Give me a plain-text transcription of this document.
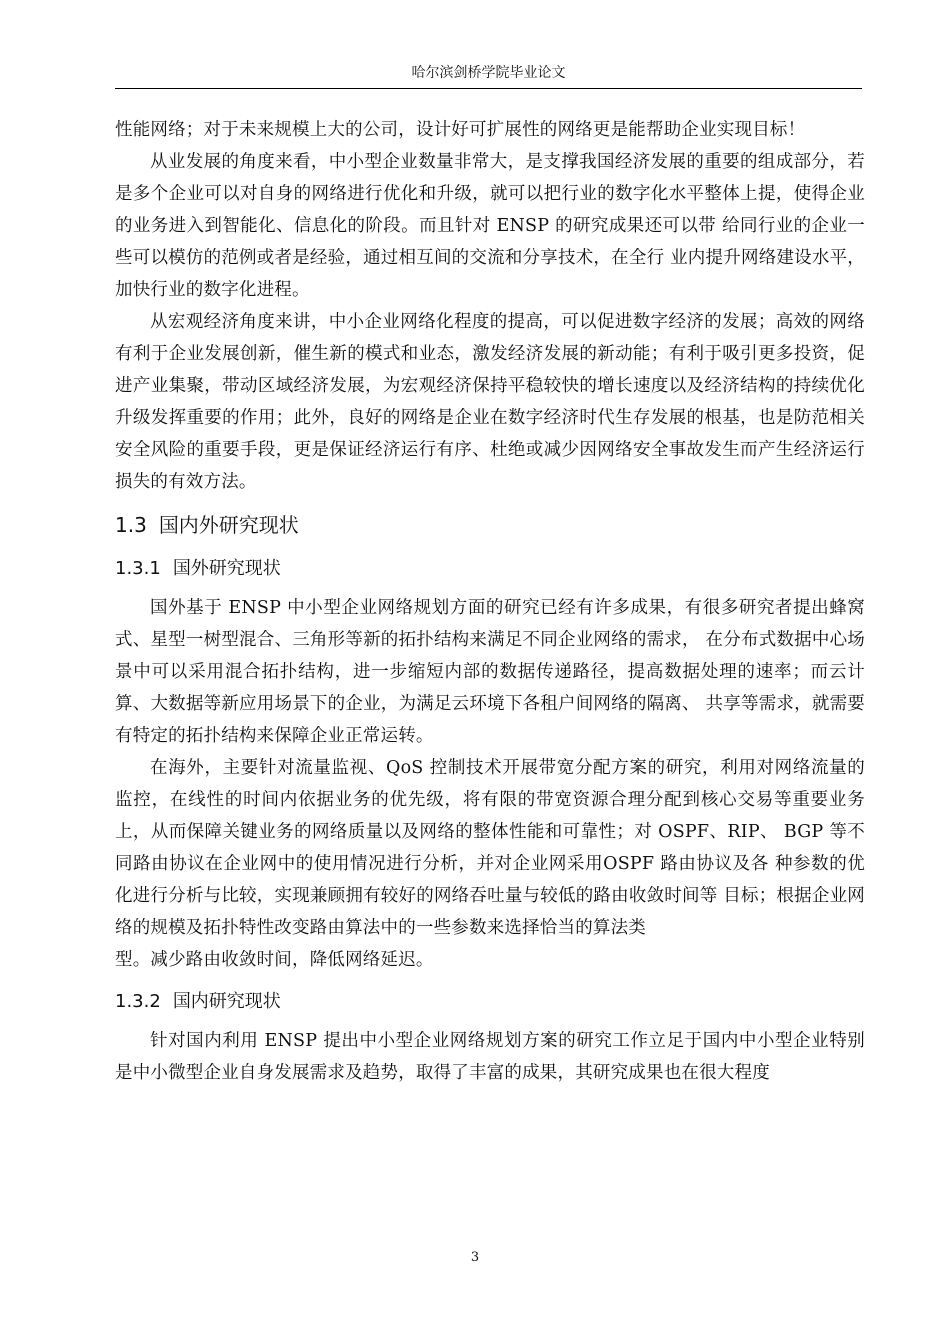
哈尔滨剑桥学院毕业论文

性能网络；对于未来规模上大的公司，设计好可扩展性的网络更是能帮助企业实现目标！

从业发展的角度来看，中小型企业数量非常大，是支撑我国经济发展的重要的组成部分，若是多个企业可以对自身的网络进行优化和升级，就可以把行业的数字化水平整体上提，使得企业的业务进入到智能化、信息化的阶段。而且针对 ENSP 的研究成果还可以带 给同行业的企业一些可以模仿的范例或者是经验，通过相互间的交流和分享技术，在全行 业内提升网络建设水平，加快行业的数字化进程。

从宏观经济角度来讲，中小企业网络化程度的提高，可以促进数字经济的发展；高效的网络有利于企业发展创新，催生新的模式和业态，激发经济发展的新动能；有利于吸引更多投资，促进产业集聚，带动区域经济发展，为宏观经济保持平稳较快的增长速度以及经济结构的持续优化升级发挥重要的作用；此外，良好的网络是企业在数字经济时代生存发展的根基，也是防范相关安全风险的重要手段，更是保证经济运行有序、杜绝或减少因网络安全事故发生而产生经济运行损失的有效方法。

1.3 国内外研究现状
1.3.1 国外研究现状

国外基于 ENSP 中小型企业网络规划方面的研究已经有许多成果，有很多研究者提出蜂窝式、星型一树型混合、三角形等新的拓扑结构来满足不同企业网络的需求， 在分布式数据中心场景中可以采用混合拓扑结构，进一步缩短内部的数据传递路径，提高数据处理的速率；而云计算、大数据等新应用场景下的企业，为满足云环境下各租户间网络的隔离、 共享等需求，就需要有特定的拓扑结构来保障企业正常运转。

在海外，主要针对流量监视、QoS 控制技术开展带宽分配方案的研究，利用对网络流量的监控，在线性的时间内依据业务的优先级，将有限的带宽资源合理分配到核心交易等重要业务上，从而保障关键业务的网络质量以及网络的整体性能和可靠性；对 OSPF、RIP、 BGP 等不同路由协议在企业网中的使用情况进行分析，并对企业网采用OSPF 路由协议及各 种参数的优化进行分析与比较，实现兼顾拥有较好的网络吞吐量与较低的路由收敛时间等 目标；根据企业网络的规模及拓扑特性改变路由算法中的一些参数来选择恰当的算法类

型。减少路由收敛时间，降低网络延迟。

1.3.2 国内研究现状

针对国内利用 ENSP 提出中小型企业网络规划方案的研究工作立足于国内中小型企业特别是中小微型企业自身发展需求及趋势，取得了丰富的成果，其研究成果也在很大程度

3
